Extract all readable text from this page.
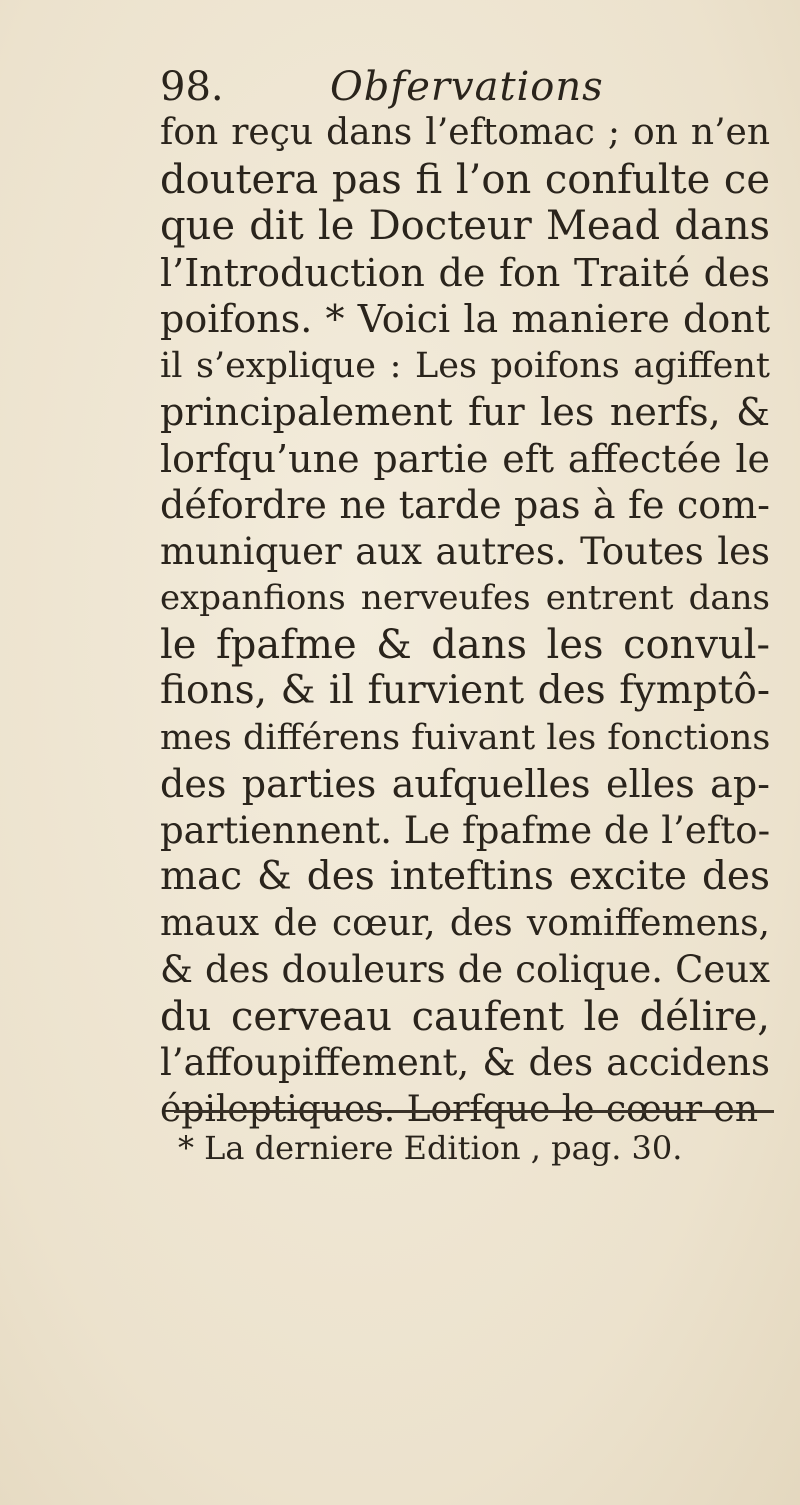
98.	Obfervations
fon reçu dans l’eftomac ; on n’en
doutera pas fi l’on confulte ce
que dit le Docteur Mead dans
l’Introduction de fon Traité des
poifons. * Voici la maniere dont
il s’explique : Les poifons agiffent
principalement fur les nerfs, &
lorfqu’une partie eft affectée le
défordre ne tarde pas à fe com-
muniquer aux autres. Toutes les
expanfions nerveufes entrent dans
le fpafme & dans les convul-
fions, & il furvient des fymptô-
mes différens fuivant les fonctions
des parties aufquelles elles ap-
partiennent. Le fpafme de l’efto-
mac & des inteftins excite des
maux de cœur, des vomiffemens,
& des douleurs de colique. Ceux
du cerveau caufent le délire,
l’affoupiffement, & des accidens
épileptiques. Lorfque le cœur en
* La derniere Edition , pag. 30.
